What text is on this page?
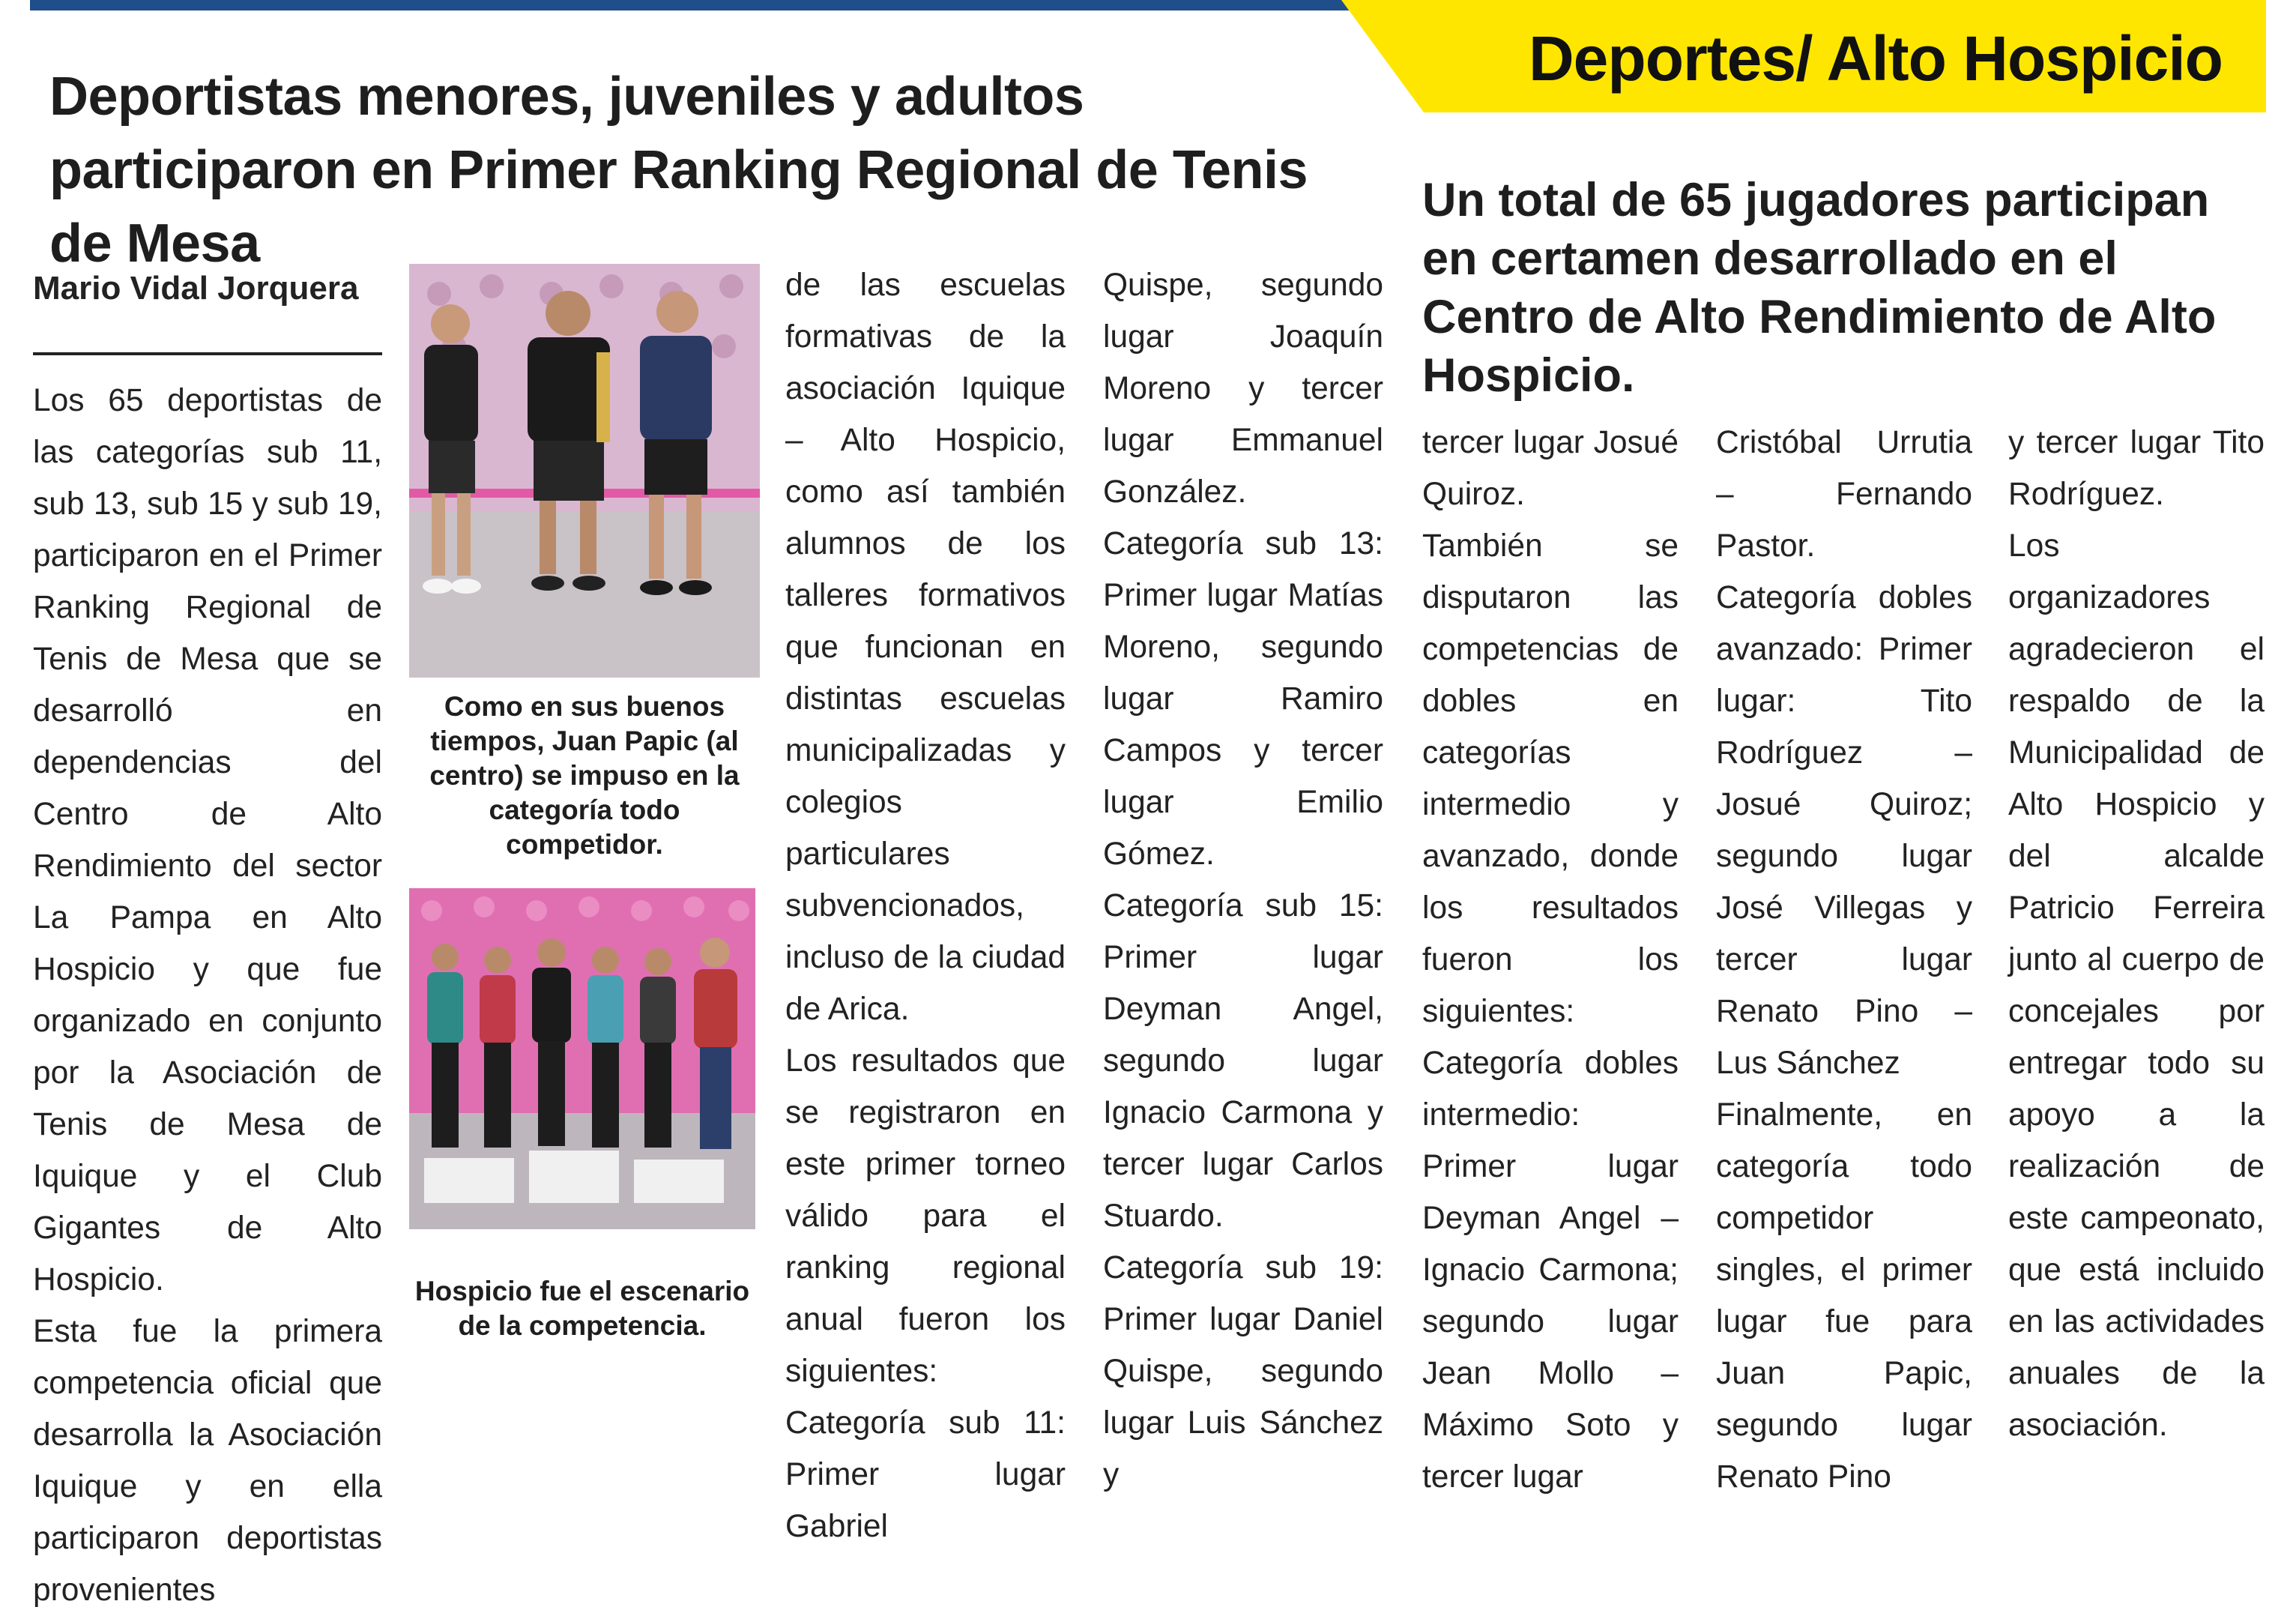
Deportes/ Alto Hospicio
Deportistas menores, juveniles y adultos participaron en Primer Ranking Regional de Tenis de Mesa
Un total de 65 jugadores participan en certamen desarrollado en el Centro de Alto Rendimiento de Alto Hospicio.
Mario Vidal Jorquera

Los 65 deportistas de las categorías sub 11, sub 13, sub 15 y sub 19, participaron en el Primer Ranking Regional de Tenis de Mesa que se desarrolló en dependencias del Centro de Alto Rendimiento del sector La Pampa en Alto Hospicio y que fue organizado en conjunto por la Asociación de Tenis de Mesa de Iquique y el Club Gigantes de Alto Hospicio.

Esta fue la primera competencia oficial que desarrolla la Asociación Iquique y en ella participaron deportistas provenientes

Como en sus buenos tiempos, Juan Papic (al centro) se impuso en la categoría todo competidor.
Hospicio fue el escenario de la competencia.

de las escuelas formativas de la asociación Iquique – Alto Hospicio, como así también alumnos de los talleres formativos que funcionan en distintas escuelas municipalizadas y colegios particulares subvencionados, incluso de la ciudad de Arica.

Los resultados que se registraron en este primer torneo válido para el ranking regional anual fueron los siguientes:

Categoría sub 11: Primer lugar Gabriel

Quispe, segundo lugar Joaquín Moreno y tercer lugar Emmanuel González.

Categoría sub 13: Primer lugar Matías Moreno, segundo lugar Ramiro Campos y tercer lugar Emilio Gómez.

Categoría sub 15: Primer lugar Deyman Angel, segundo lugar Ignacio Carmona y tercer lugar Carlos Stuardo.

Categoría sub 19: Primer lugar Daniel Quispe, segundo lugar Luis Sánchez y

tercer lugar Josué Quiroz.

También se disputaron las competencias de dobles en categorías intermedio y avanzado, donde los resultados fueron los siguientes:

Categoría dobles intermedio: Primer lugar Deyman Angel – Ignacio Carmona; segundo lugar Jean Mollo – Máximo Soto y tercer lugar

Cristóbal Urrutia – Fernando Pastor.

Categoría dobles avanzado: Primer lugar: Tito Rodríguez – Josué Quiroz; segundo lugar José Villegas y tercer lugar Renato Pino – Lus Sánchez

Finalmente, en categoría todo competidor singles, el primer lugar fue para Juan Papic, segundo lugar Renato Pino

y tercer lugar Tito Rodríguez.

Los organizadores agradecieron el respaldo de la Municipalidad de Alto Hospicio y del alcalde Patricio Ferreira junto al cuerpo de concejales por entregar todo su apoyo a la realización de este campeonato, que está incluido en las actividades anuales de la asociación.
